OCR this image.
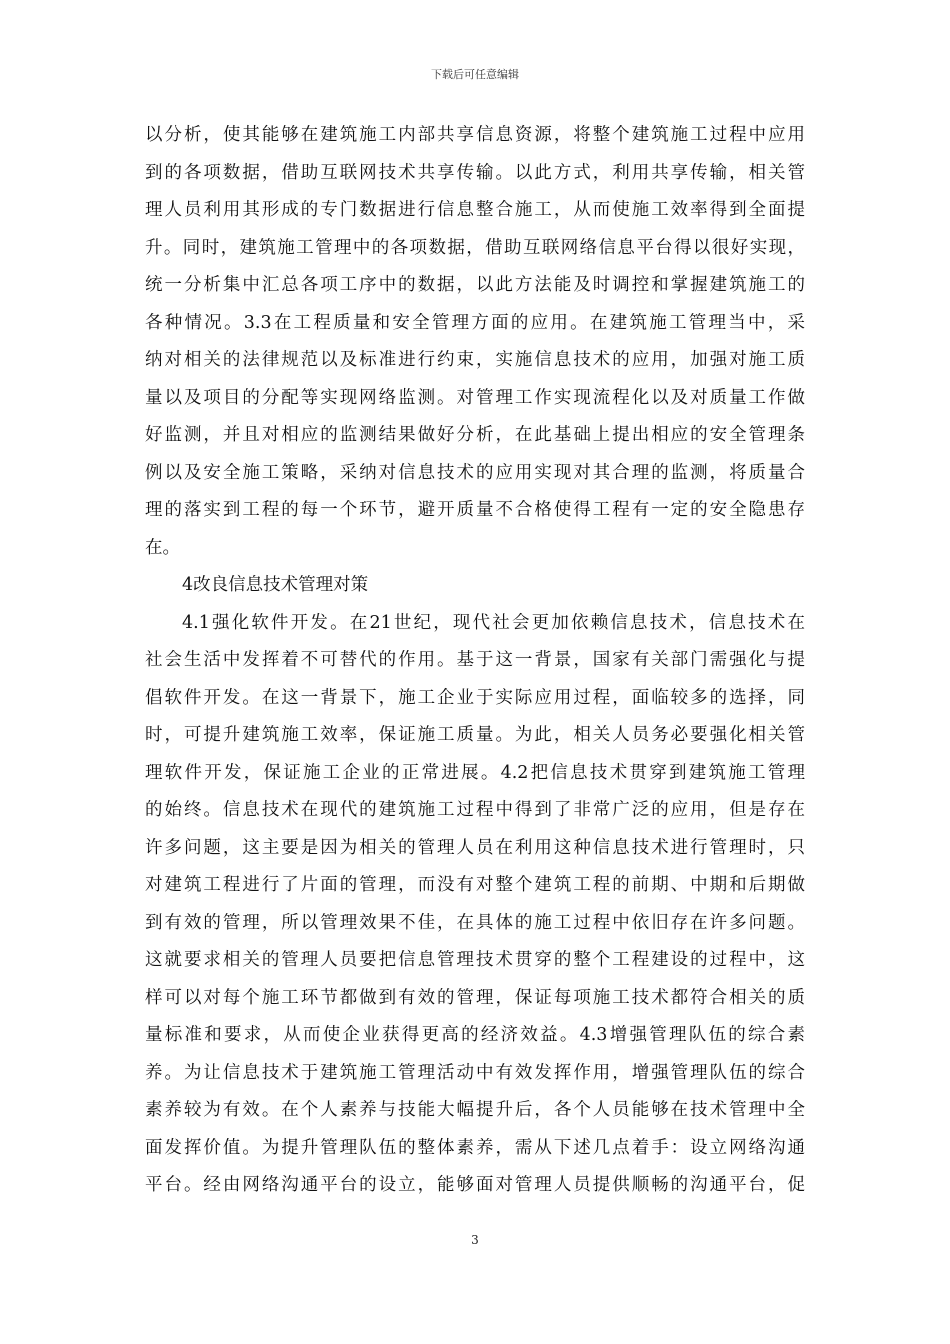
下载后可任意编辑
以分析，使其能够在建筑施工内部共享信息资源，将整个建筑施工过程中应用
到的各项数据，借助互联网技术共享传输。以此方式，利用共享传输，相关管
理人员利用其形成的专门数据进行信息整合施工，从而使施工效率得到全面提
升。同时，建筑施工管理中的各项数据，借助互联网络信息平台得以很好实现，
统一分析集中汇总各项工序中的数据，以此方法能及时调控和掌握建筑施工的
各种情况。3.3在工程质量和安全管理方面的应用。在建筑施工管理当中，采
纳对相关的法律规范以及标准进行约束，实施信息技术的应用，加强对施工质
量以及项目的分配等实现网络监测。对管理工作实现流程化以及对质量工作做
好监测，并且对相应的监测结果做好分析，在此基础上提出相应的安全管理条
例以及安全施工策略，采纳对信息技术的应用实现对其合理的监测，将质量合
理的落实到工程的每一个环节，避开质量不合格使得工程有一定的安全隐患存
在。
4改良信息技术管理对策
4.1强化软件开发。在21世纪，现代社会更加依赖信息技术，信息技术在
社会生活中发挥着不可替代的作用。基于这一背景，国家有关部门需强化与提
倡软件开发。在这一背景下，施工企业于实际应用过程，面临较多的选择，同
时，可提升建筑施工效率，保证施工质量。为此，相关人员务必要强化相关管
理软件开发，保证施工企业的正常进展。4.2把信息技术贯穿到建筑施工管理
的始终。信息技术在现代的建筑施工过程中得到了非常广泛的应用，但是存在
许多问题，这主要是因为相关的管理人员在利用这种信息技术进行管理时，只
对建筑工程进行了片面的管理，而没有对整个建筑工程的前期、中期和后期做
到有效的管理，所以管理效果不佳，在具体的施工过程中依旧存在许多问题。
这就要求相关的管理人员要把信息管理技术贯穿的整个工程建设的过程中，这
样可以对每个施工环节都做到有效的管理，保证每项施工技术都符合相关的质
量标准和要求，从而使企业获得更高的经济效益。4.3增强管理队伍的综合素
养。为让信息技术于建筑施工管理活动中有效发挥作用，增强管理队伍的综合
素养较为有效。在个人素养与技能大幅提升后，各个人员能够在技术管理中全
面发挥价值。为提升管理队伍的整体素养，需从下述几点着手：设立网络沟通
平台。经由网络沟通平台的设立，能够面对管理人员提供顺畅的沟通平台，促
3
